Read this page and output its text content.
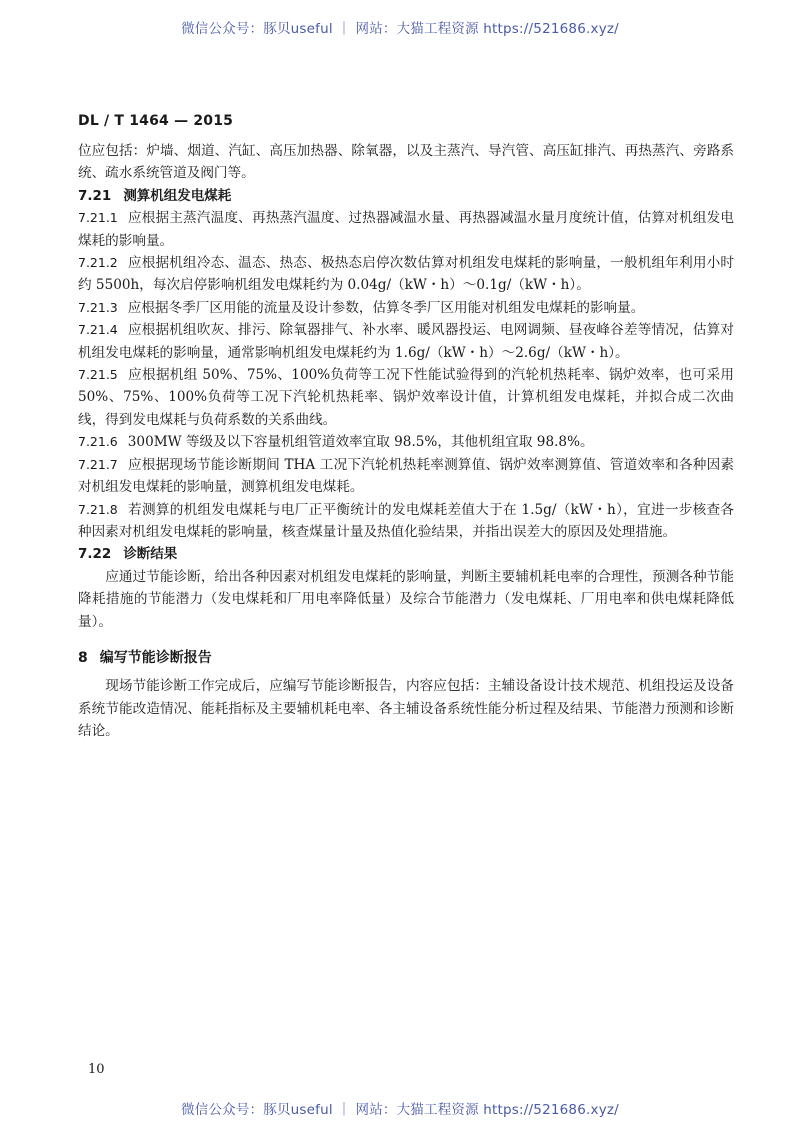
微信公众号：豚贝useful ｜ 网站：大猫工程资源 https://521686.xyz/
DL / T 1464 — 2015

位应包括：炉墙、烟道、汽缸、高压加热器、除氧器，以及主蒸汽、导汽管、高压缸排汽、再热蒸汽、旁路系统、疏水系统管道及阀门等。

7.21 测算机组发电煤耗

7.21.1 应根据主蒸汽温度、再热蒸汽温度、过热器减温水量、再热器减温水量月度统计值，估算对机组发电煤耗的影响量。

7.21.2 应根据机组冷态、温态、热态、极热态启停次数估算对机组发电煤耗的影响量，一般机组年利用小时约 5500h，每次启停影响机组发电煤耗约为 0.04g/（kW・h）～0.1g/（kW・h）。

7.21.3 应根据冬季厂区用能的流量及设计参数，估算冬季厂区用能对机组发电煤耗的影响量。

7.21.4 应根据机组吹灰、排污、除氧器排气、补水率、暖风器投运、电网调频、昼夜峰谷差等情况，估算对机组发电煤耗的影响量，通常影响机组发电煤耗约为 1.6g/（kW・h）～2.6g/（kW・h）。

7.21.5 应根据机组 50%、75%、100%负荷等工况下性能试验得到的汽轮机热耗率、锅炉效率，也可采用 50%、75%、100%负荷等工况下汽轮机热耗率、锅炉效率设计值，计算机组发电煤耗，并拟合成二次曲线，得到发电煤耗与负荷系数的关系曲线。

7.21.6 300MW 等级及以下容量机组管道效率宜取 98.5%，其他机组宜取 98.8%。

7.21.7 应根据现场节能诊断期间 THA 工况下汽轮机热耗率测算值、锅炉效率测算值、管道效率和各种因素对机组发电煤耗的影响量，测算机组发电煤耗。

7.21.8 若测算的机组发电煤耗与电厂正平衡统计的发电煤耗差值大于在 1.5g/（kW・h），宜进一步核查各种因素对机组发电煤耗的影响量，核查煤量计量及热值化验结果，并指出误差大的原因及处理措施。

7.22 诊断结果

应通过节能诊断，给出各种因素对机组发电煤耗的影响量，判断主要辅机耗电率的合理性，预测各种节能降耗措施的节能潜力（发电煤耗和厂用电率降低量）及综合节能潜力（发电煤耗、厂用电率和供电煤耗降低量）。

8 编写节能诊断报告

现场节能诊断工作完成后，应编写节能诊断报告，内容应包括：主辅设备设计技术规范、机组投运及设备系统节能改造情况、能耗指标及主要辅机耗电率、各主辅设备系统性能分析过程及结果、节能潜力预测和诊断结论。

10
微信公众号：豚贝useful ｜ 网站：大猫工程资源 https://521686.xyz/
